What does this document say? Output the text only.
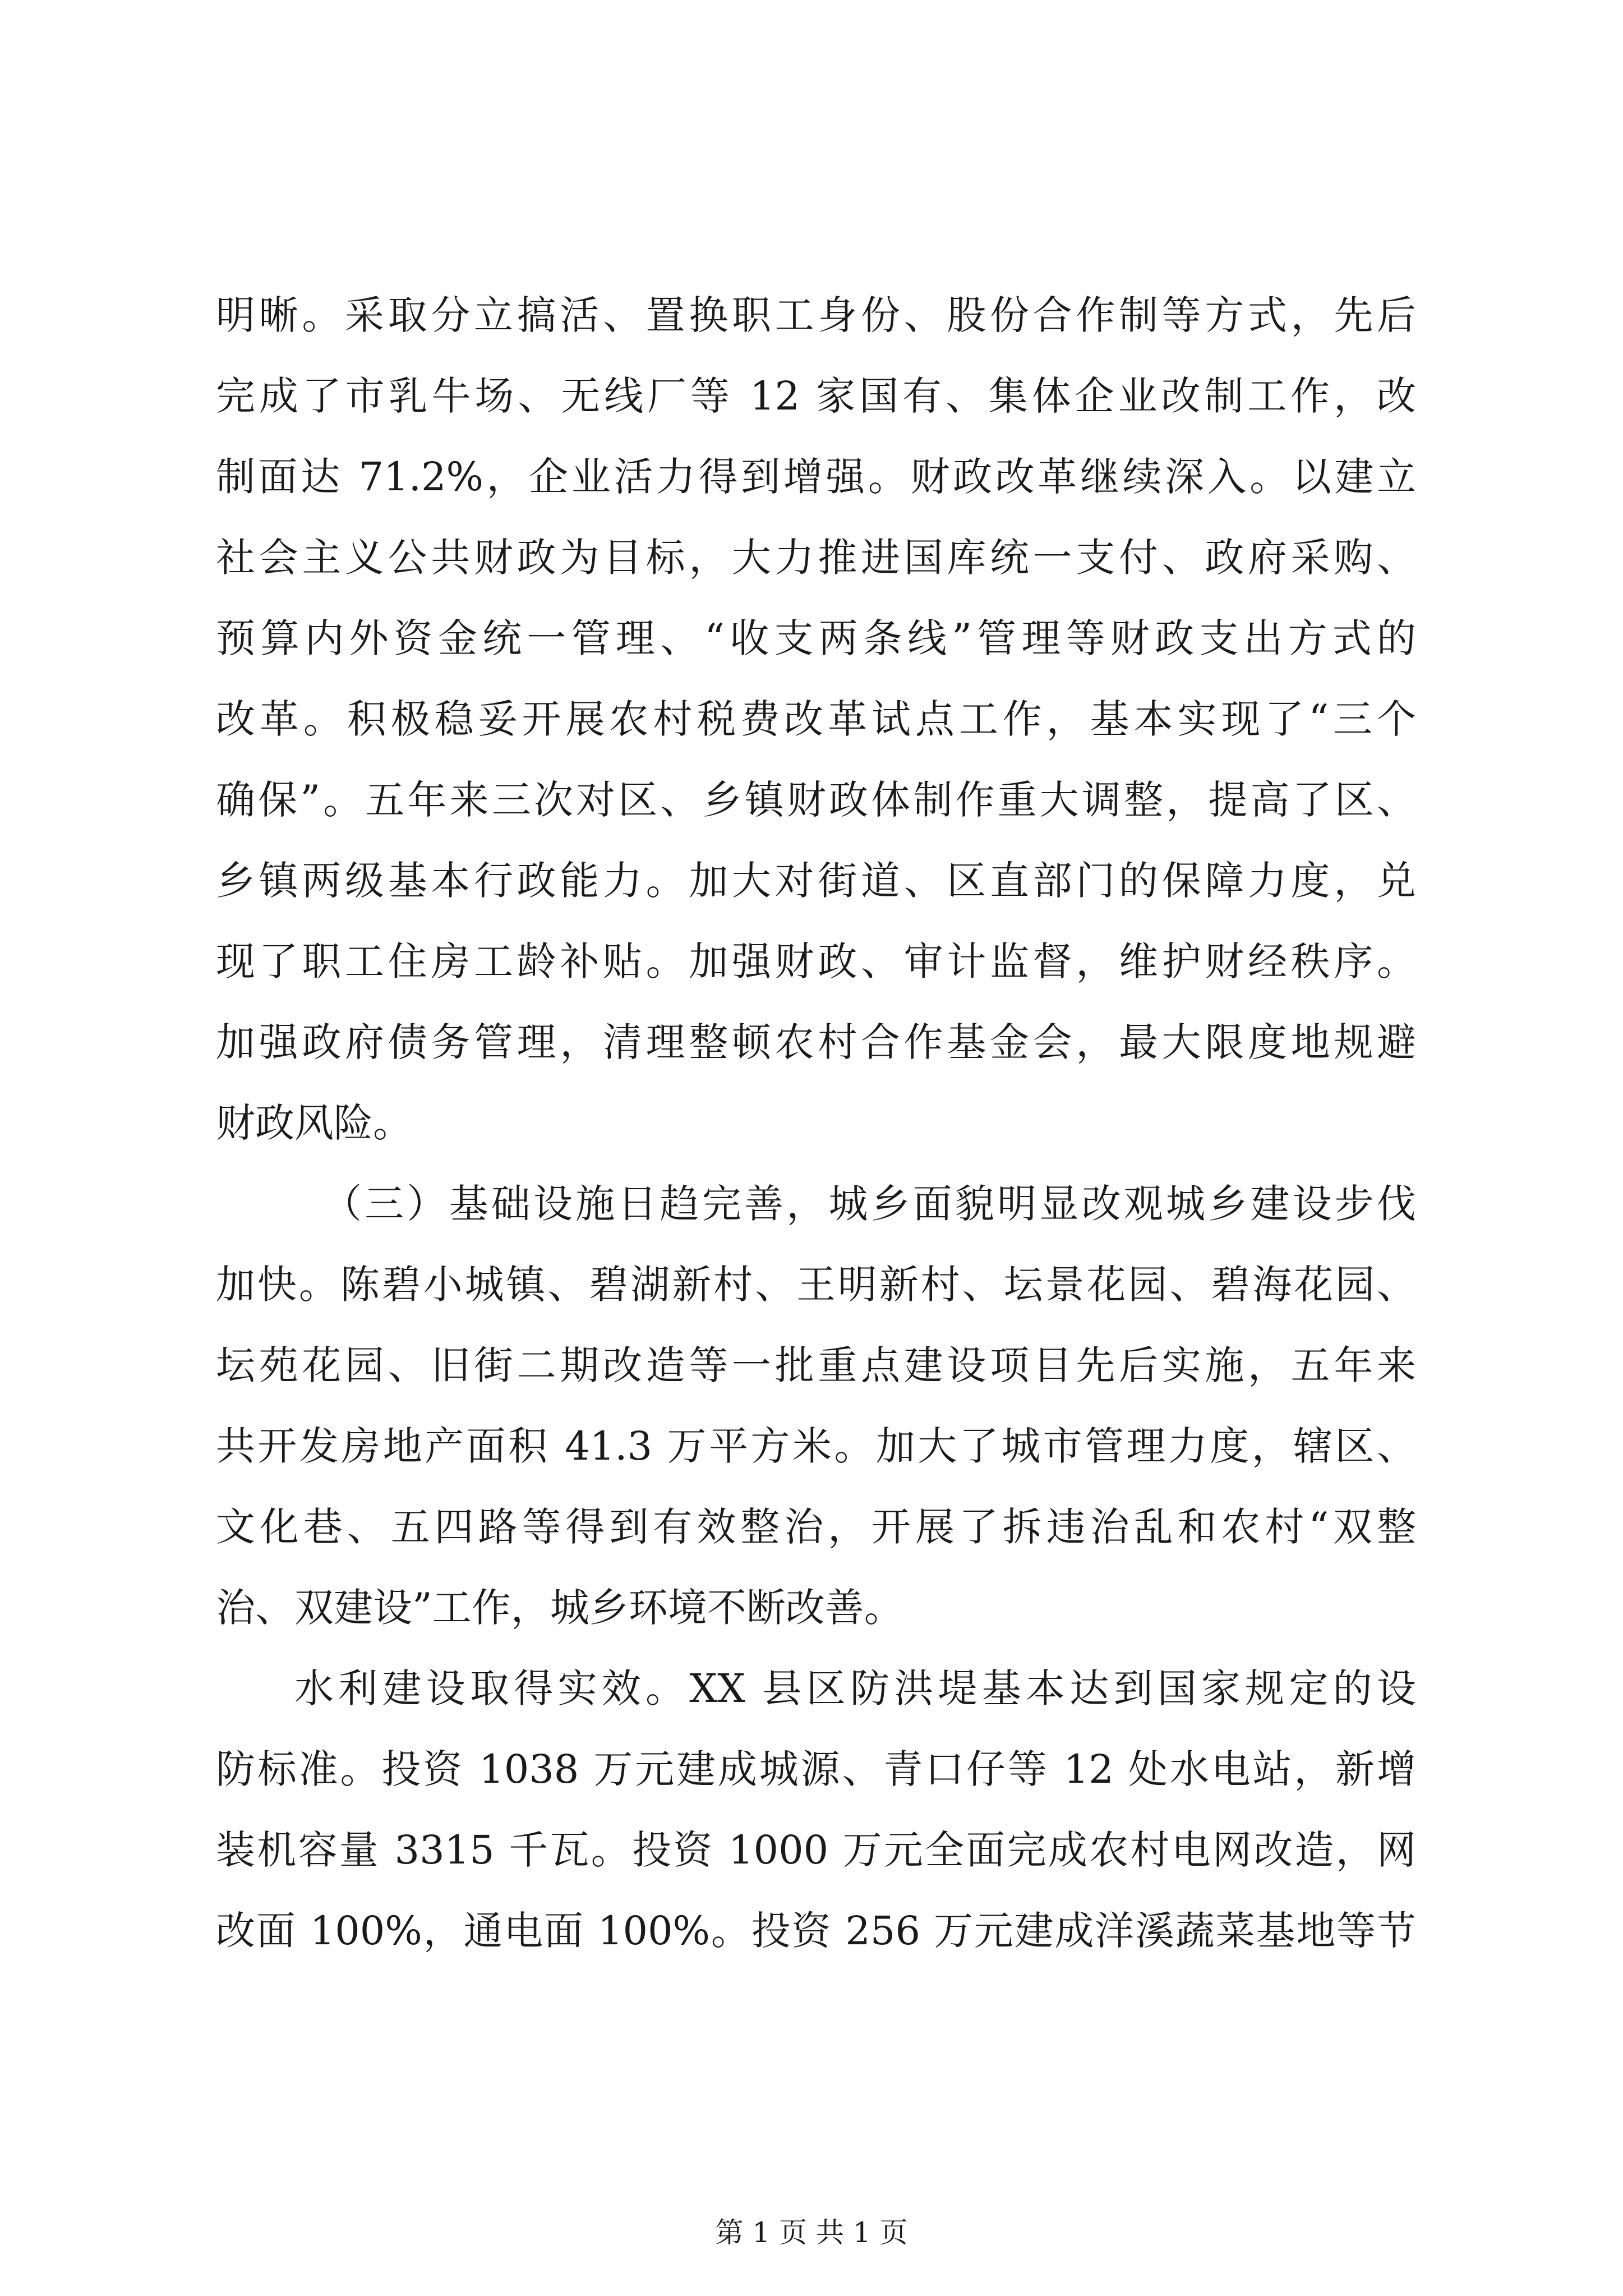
明晰。采取分立搞活、置换职工身份、股份合作制等方式，先后
完成了市乳牛场、无线厂等 12 家国有、集体企业改制工作，改
制面达 71.2%，企业活力得到增强。财政改革继续深入。以建立
社会主义公共财政为目标，大力推进国库统一支付、政府采购、
预算内外资金统一管理、“收支两条线”管理等财政支出方式的
改革。积极稳妥开展农村税费改革试点工作，基本实现了“三个
确保”。五年来三次对区、乡镇财政体制作重大调整，提高了区、
乡镇两级基本行政能力。加大对街道、区直部门的保障力度，兑
现了职工住房工龄补贴。加强财政、审计监督，维护财经秩序。
加强政府债务管理，清理整顿农村合作基金会，最大限度地规避
财政风险。
（三）基础设施日趋完善，城乡面貌明显改观城乡建设步伐
加快。陈碧小城镇、碧湖新村、王明新村、坛景花园、碧海花园、
坛苑花园、旧街二期改造等一批重点建设项目先后实施，五年来
共开发房地产面积 41.3 万平方米。加大了城市管理力度，辖区、
文化巷、五四路等得到有效整治，开展了拆违治乱和农村“双整
治、双建设”工作，城乡环境不断改善。
水利建设取得实效。XX 县区防洪堤基本达到国家规定的设
防标准。投资 1038 万元建成城源、青口仔等 12 处水电站，新增
装机容量 3315 千瓦。投资 1000 万元全面完成农村电网改造，网
改面 100%，通电面 100%。投资 256 万元建成洋溪蔬菜基地等节
第 1 页 共 1 页
